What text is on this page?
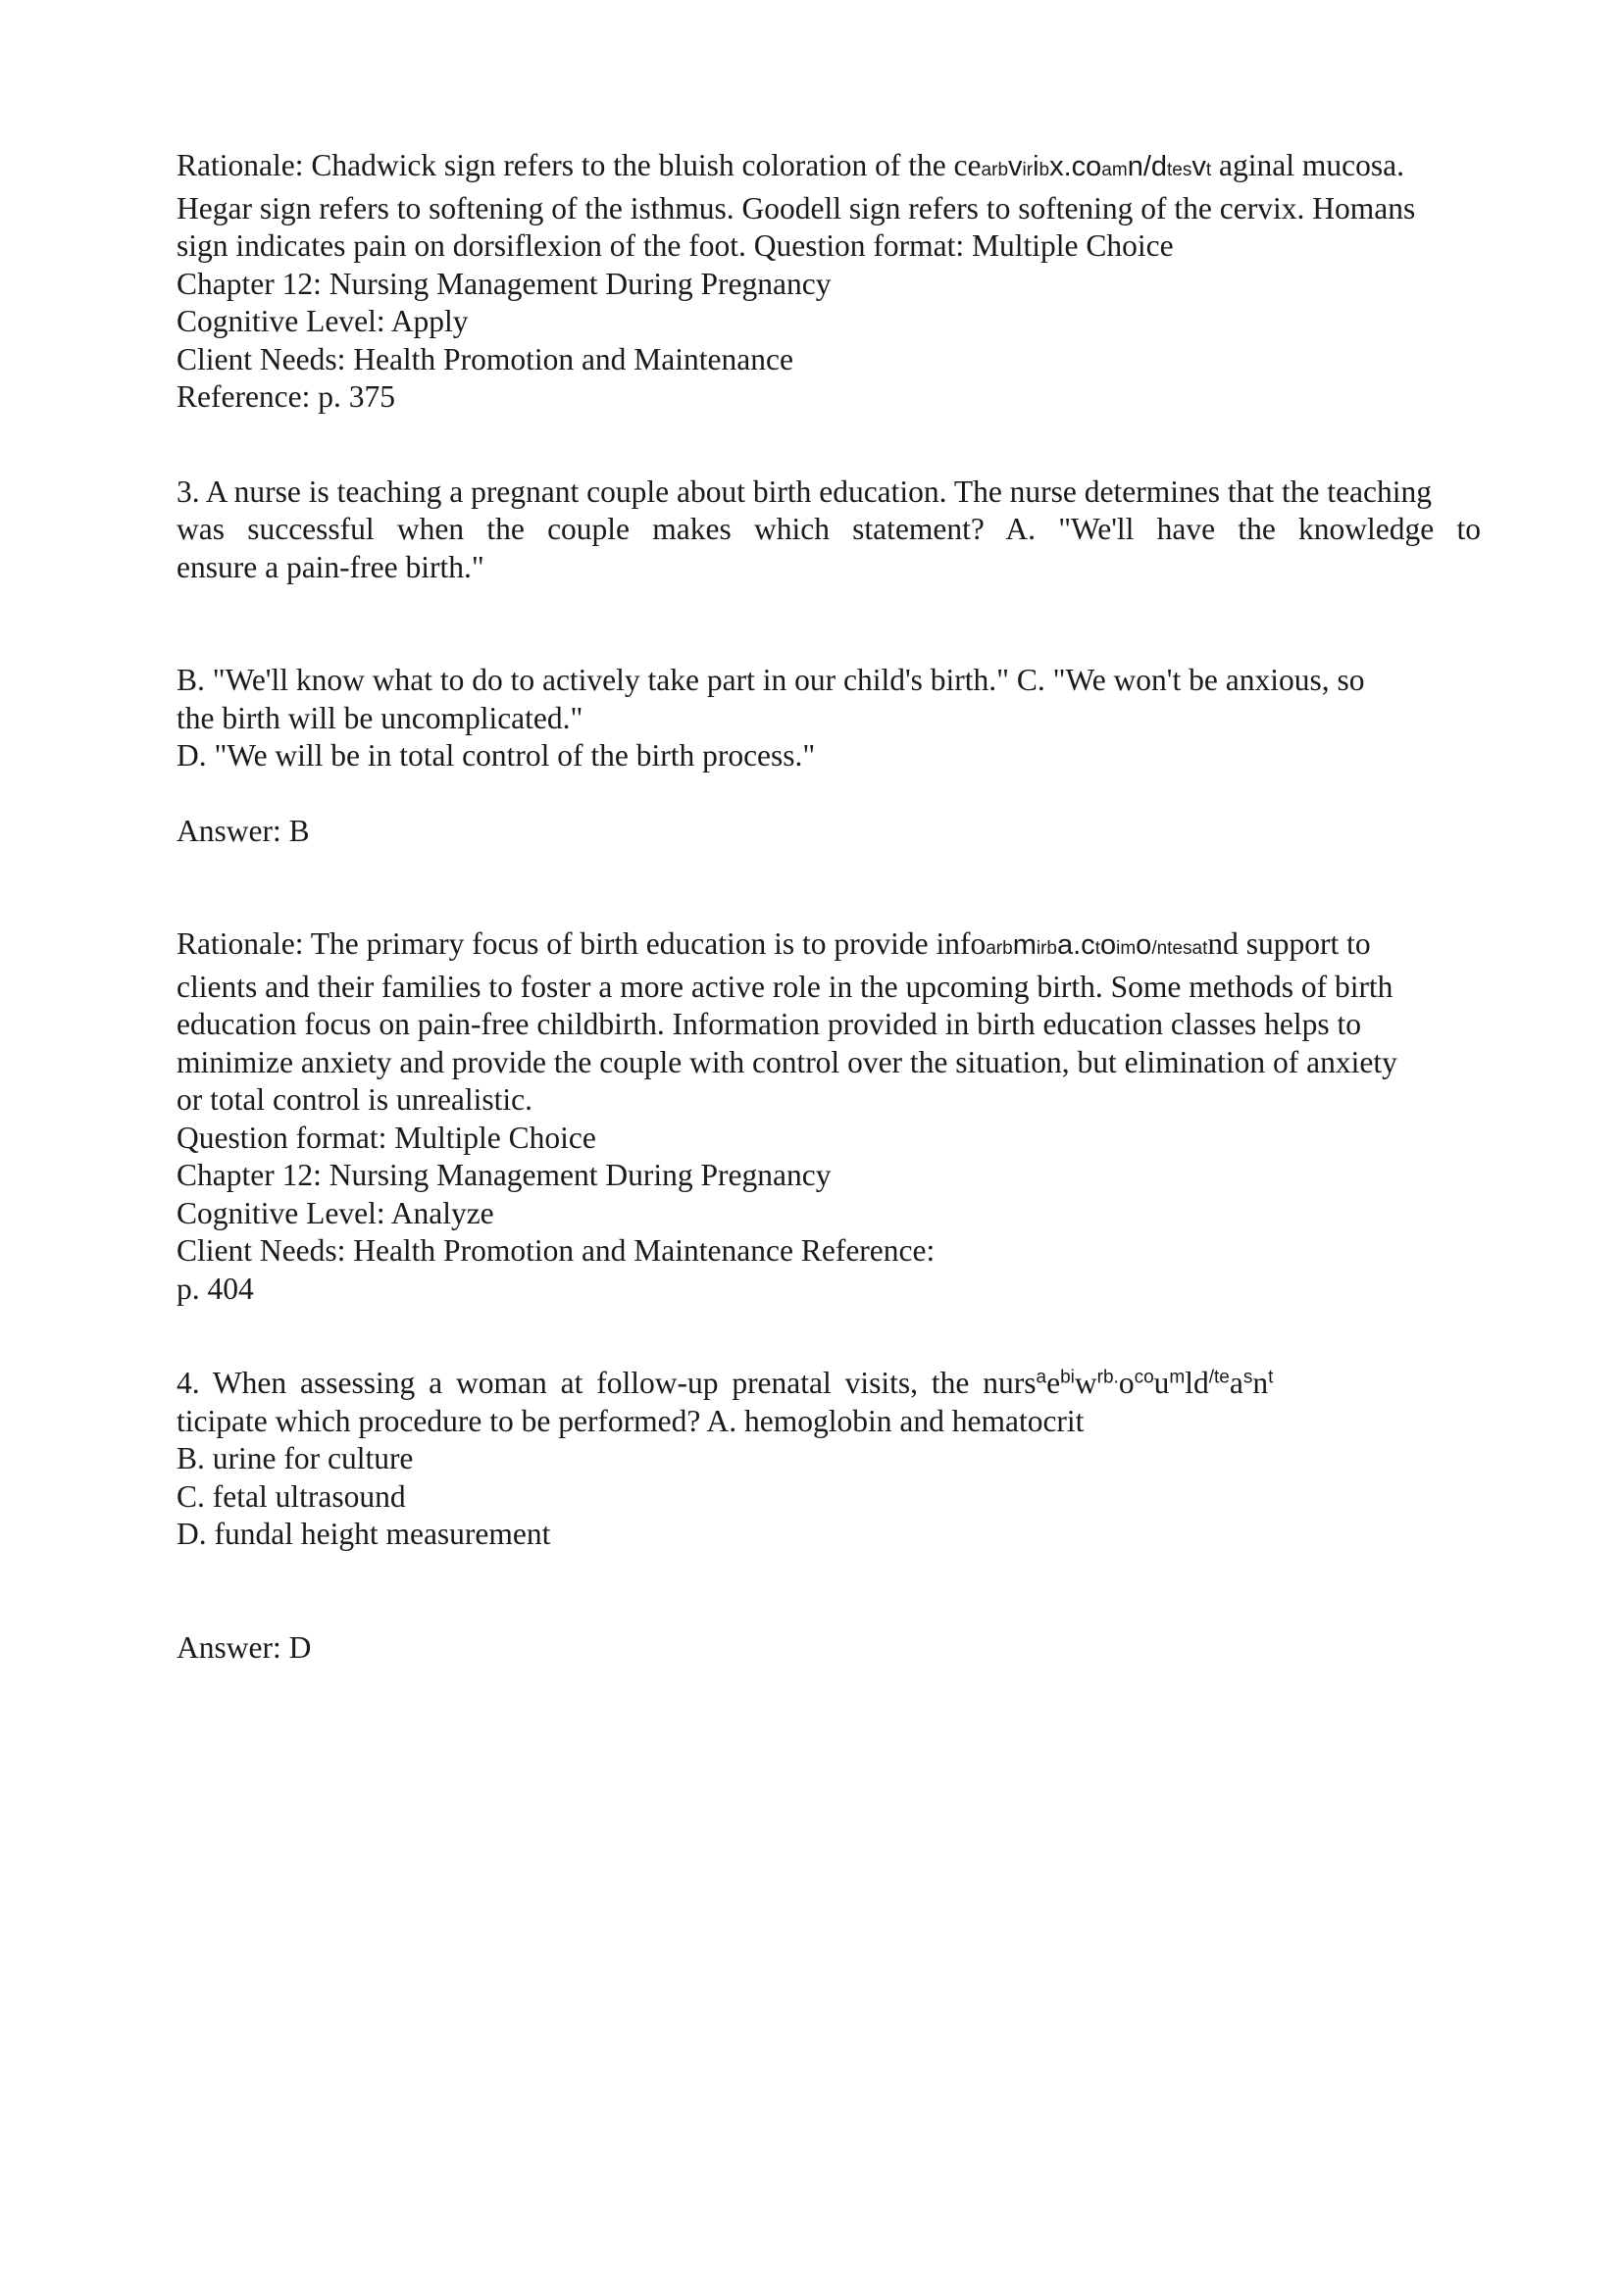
Rationale: Chadwick sign refers to the bluish coloration of the cearbviribx.coamn/dtesvt aginal mucosa.
Hegar sign refers to softening of the isthmus. Goodell sign refers to softening of the cervix. Homans
sign indicates pain on dorsiflexion of the foot. Question format: Multiple Choice
Chapter 12: Nursing Management During Pregnancy
Cognitive Level: Apply
Client Needs: Health Promotion and Maintenance
Reference: p. 375
3. A nurse is teaching a pregnant couple about birth education. The nurse determines that the teaching
was successful when the couple makes which statement? A. "We'll have the knowledge to
ensure a pain-free birth."
B. "We'll know what to do to actively take part in our child's birth." C. "We won't be anxious, so
the birth will be uncomplicated."
D. "We will be in total control of the birth process."
Answer: B
Rationale: The primary focus of birth education is to provide infoarbmirba.ctoimo/ntesatnd support to
clients and their families to foster a more active role in the upcoming birth. Some methods of birth
education focus on pain-free childbirth. Information provided in birth education classes helps to
minimize anxiety and provide the couple with control over the situation, but elimination of anxiety
or total control is unrealistic.
Question format: Multiple Choice
Chapter 12: Nursing Management During Pregnancy
Cognitive Level: Analyze
Client Needs: Health Promotion and Maintenance Reference:
p. 404
4. When assessing a woman at follow-up prenatal visits, the $nurs^ae^{bi}w^{rb.}o^{co}u^mld^{/te}a^sn^t$
ticipate which procedure to be performed? A. hemoglobin and hematocrit
B. urine for culture
C. fetal ultrasound
D. fundal height measurement
Answer: D
